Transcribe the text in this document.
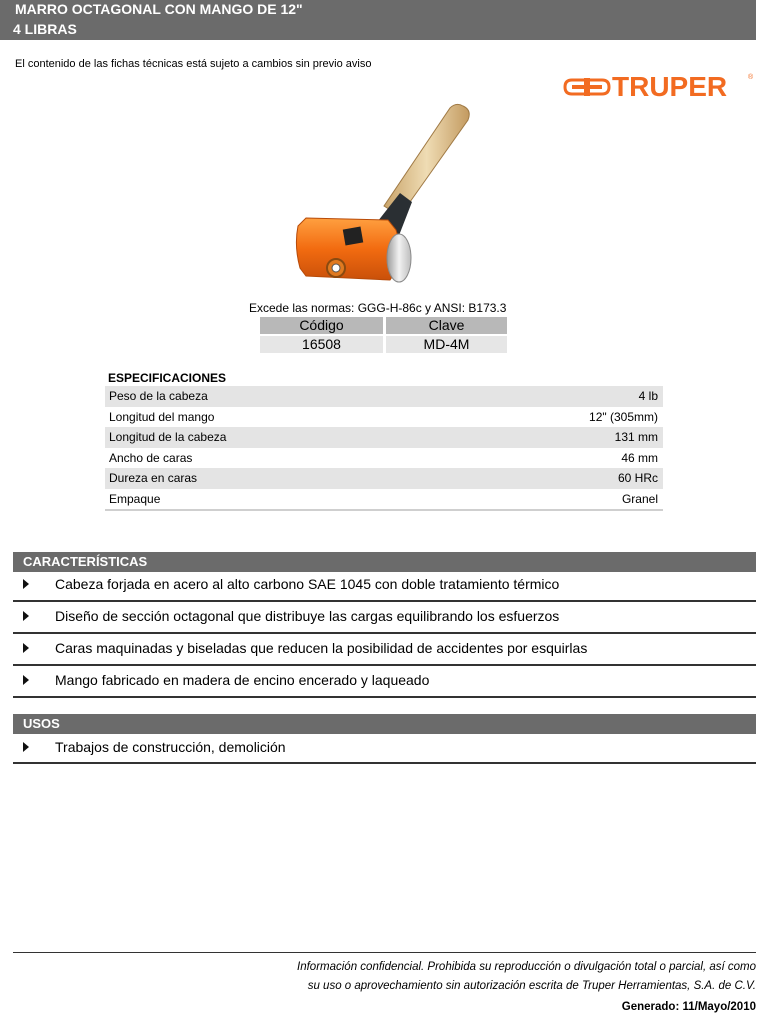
MARRO OCTAGONAL CON MANGO DE 12"
4 LIBRAS
El contenido de las fichas técnicas está sujeto a cambios sin previo aviso
TRUPER	®
Excede las normas: GGG-H-86c y ANSI: B173.3
Código	Clave
16508	MD-4M
ESPECIFICACIONES
Peso de la cabeza	4 lb
Longitud del mango	12" (305mm)
Longitud de la cabeza	131 mm
Ancho de caras	46 mm
Dureza en caras	60 HRc
Empaque	Granel
CARACTERÍSTICAS
Cabeza forjada en acero al alto carbono SAE 1045 con doble tratamiento térmico
Diseño de sección octagonal que distribuye las cargas equilibrando los esfuerzos
Caras maquinadas y biseladas que reducen la posibilidad de accidentes por esquirlas
Mango fabricado en madera de encino encerado y laqueado
USOS
Trabajos de construcción, demolición
Información confidencial. Prohibida su reproducción o divulgación total o parcial, así como
su uso o aprovechamiento sin autorización escrita de Truper Herramientas, S.A. de C.V.
Generado: 11/Mayo/2010
